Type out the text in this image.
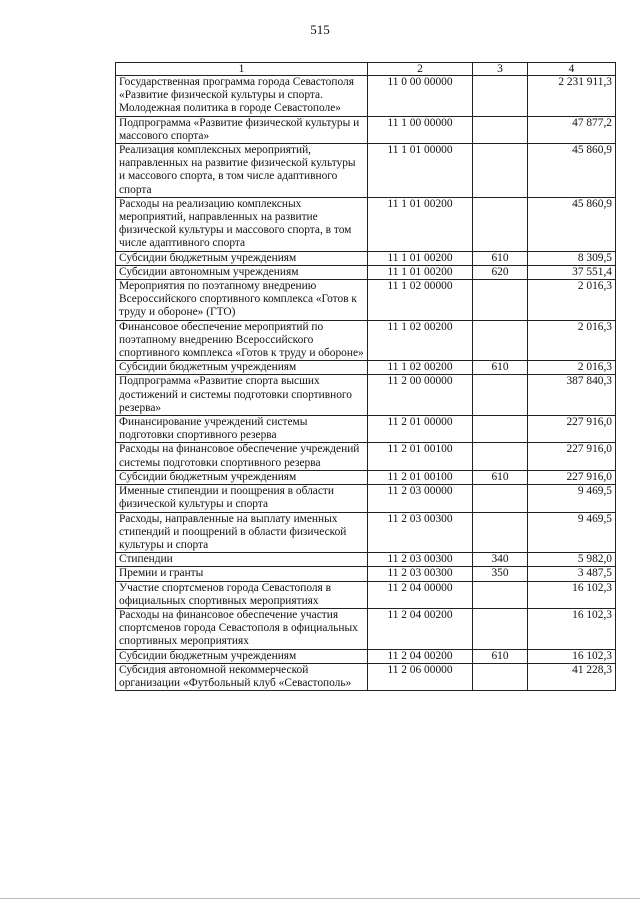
515
1	2	3	4
Государственная программа города Севастополя «Развитие физической культуры и спорта. Молодежная политика в городе Севастополе»	11 0 00 00000		2 231 911,3
Подпрограмма «Развитие физической культуры и массового спорта»	11 1 00 00000		47 877,2
Реализация комплексных мероприятий, направленных на развитие физической культуры и массового спорта, в том числе адаптивного спорта	11 1 01 00000		45 860,9
Расходы на реализацию комплексных мероприятий, направленных на развитие физической культуры и массового спорта, в том числе адаптивного спорта	11 1 01 00200		45 860,9
Субсидии бюджетным учреждениям	11 1 01 00200	610	8 309,5
Субсидии автономным учреждениям	11 1 01 00200	620	37 551,4
Мероприятия по поэтапному внедрению Всероссийского спортивного комплекса «Готов к труду и обороне» (ГТО)	11 1 02 00000		2 016,3
Финансовое обеспечение мероприятий по поэтапному внедрению Всероссийского спортивного комплекса «Готов к труду и обороне»	11 1 02 00200		2 016,3
Субсидии бюджетным учреждениям	11 1 02 00200	610	2 016,3
Подпрограмма «Развитие спорта высших достижений и системы подготовки спортивного резерва»	11 2 00 00000		387 840,3
Финансирование учреждений системы подготовки спортивного резерва	11 2 01 00000		227 916,0
Расходы на финансовое обеспечение учреждений системы подготовки спортивного резерва	11 2 01 00100		227 916,0
Субсидии бюджетным учреждениям	11 2 01 00100	610	227 916,0
Именные стипендии и поощрения в области физической культуры и спорта	11 2 03 00000		9 469,5
Расходы, направленные на выплату именных стипендий и поощрений в области физической культуры и спорта	11 2 03 00300		9 469,5
Стипендии	11 2 03 00300	340	5 982,0
Премии и гранты	11 2 03 00300	350	3 487,5
Участие спортсменов города Севастополя в официальных спортивных мероприятиях	11 2 04 00000		16 102,3
Расходы на финансовое обеспечение участия спортсменов города Севастополя в официальных спортивных мероприятиях	11 2 04 00200		16 102,3
Субсидии бюджетным учреждениям	11 2 04 00200	610	16 102,3
Субсидия автономной некоммерческой организации «Футбольный клуб «Севастополь»	11 2 06 00000		41 228,3
